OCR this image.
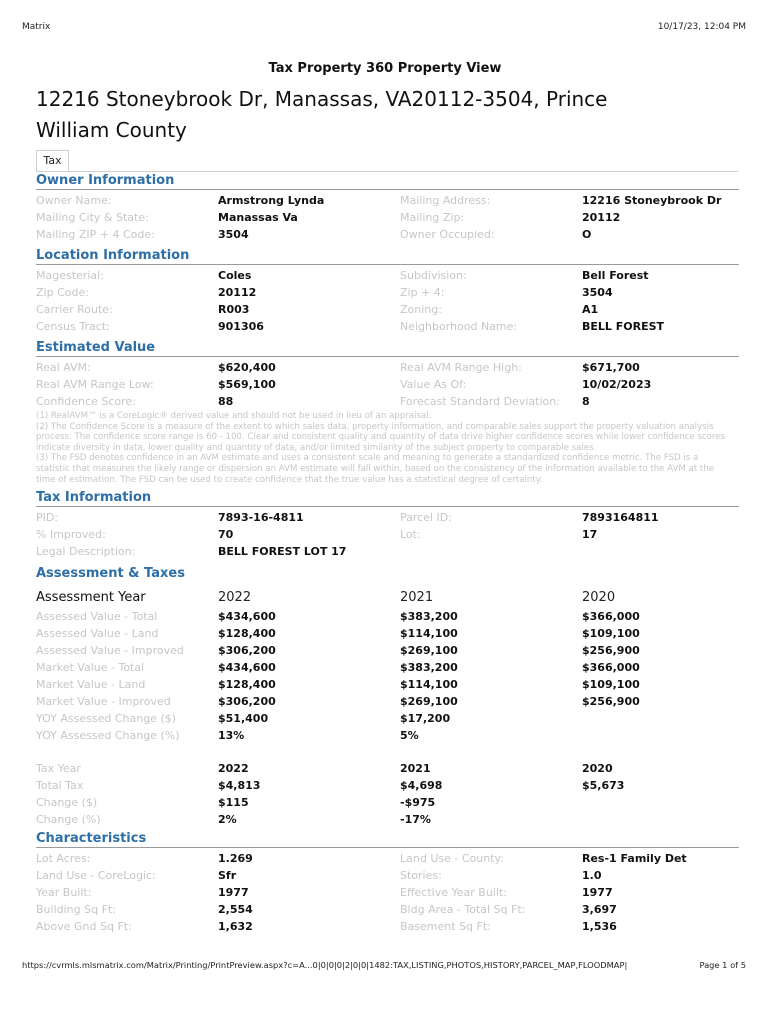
Matrix	10/17/23, 12:04 PM
Tax Property 360 Property View
12216 Stoneybrook Dr, Manassas, VA20112-3504, Prince
William County
Tax
Owner Information
Owner Name:	Armstrong Lynda	Mailing Address:	12216 Stoneybrook Dr
Mailing City & State:	Manassas Va	Mailing Zip:	20112
Mailing ZIP + 4 Code:	3504	Owner Occupied:	O
Location Information
Magesterial:	Coles	Subdivision:	Bell Forest
Zip Code:	20112	Zip + 4:	3504
Carrier Route:	R003	Zoning:	A1
Census Tract:	901306	Neighborhood Name:	BELL FOREST
Estimated Value
Real AVM:	$620,400	Real AVM Range High:	$671,700
Real AVM Range Low:	$569,100	Value As Of:	10/02/2023
Confidence Score:	88	Forecast Standard Deviation: 8
(1) RealAVM™ is a CoreLogic® derived value and should not be used in lieu of an appraisal.
(2) The Confidence Score is a measure of the extent to which sales data, property information, and comparable sales support the property valuation analysis
process. The confidence score range is 60 - 100. Clear and consistent quality and quantity of data drive higher confidence scores while lower confidence scores
indicate diversity in data, lower quality and quantity of data, and/or limited similarity of the subject property to comparable sales.
(3) The FSD denotes confidence in an AVM estimate and uses a consistent scale and meaning to generate a standardized confidence metric. The FSD is a
statistic that measures the likely range or dispersion an AVM estimate will fall within, based on the consistency of the information available to the AVM at the
time of estimation. The FSD can be used to create confidence that the true value has a statistical degree of certainty.
Tax Information
PID:	7893-16-4811	Parcel ID:	7893164811
% Improved:	70	Lot:	17
Legal Description:	BELL FOREST LOT 17
Assessment & Taxes
Assessment Year	2022	2021	2020
Assessed Value - Total	$434,600	$383,200	$366,000
Assessed Value - Land	$128,400	$114,100	$109,100
Assessed Value - Improved	$306,200	$269,100	$256,900
Market Value - Total	$434,600	$383,200	$366,000
Market Value - Land	$128,400	$114,100	$109,100
Market Value - Improved	$306,200	$269,100	$256,900
YOY Assessed Change ($)	$51,400	$17,200
YOY Assessed Change (%)	13%	5%
Tax Year	2022	2021	2020
Total Tax	$4,813	$4,698	$5,673
Change ($)	$115	-$975
Change (%)	2%	-17%
Characteristics
Lot Acres:	1.269	Land Use - County:	Res-1 Family Det
Land Use - CoreLogic:	Sfr	Stories:	1.0
Year Built:	1977	Effective Year Built:	1977
Building Sq Ft:	2,554	Bldg Area - Total Sq Ft:	3,697
Above Gnd Sq Ft:	1,632	Basement Sq Ft:	1,536
https://cvrmls.mlsmatrix.com/Matrix/Printing/PrintPreview.aspx?c=A...0|0|0|0|2|0|0|1482:TAX,LISTING,PHOTOS,HISTORY,PARCEL_MAP,FLOODMAP|	Page 1 of 5
